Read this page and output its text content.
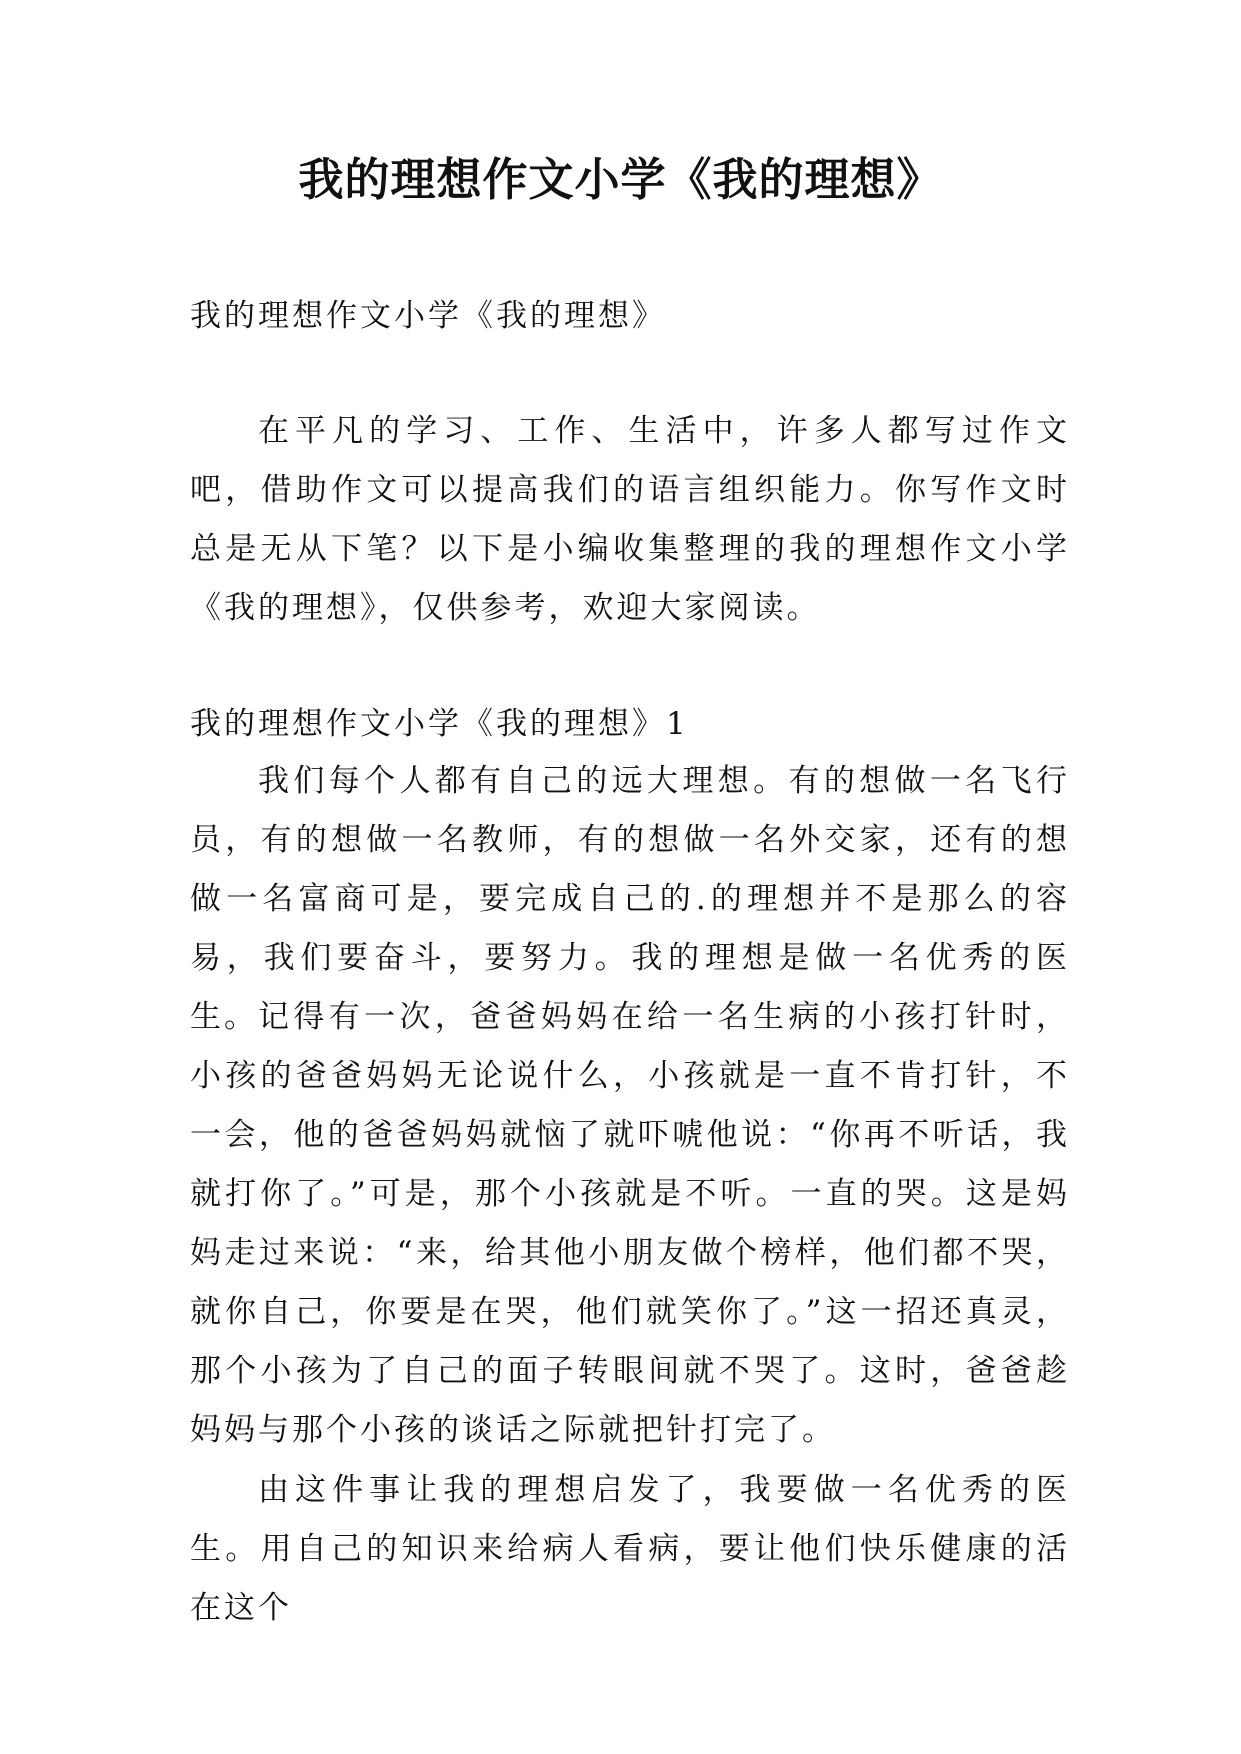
我的理想作文小学《我的理想》

我的理想作文小学《我的理想》

在平凡的学习、工作、生活中，许多人都写过作文吧，借助作文可以提高我们的语言组织能力。你写作文时总是无从下笔？以下是小编收集整理的我的理想作文小学《我的理想》，仅供参考，欢迎大家阅读。

我的理想作文小学《我的理想》1

我们每个人都有自己的远大理想。有的想做一名飞行员，有的想做一名教师，有的想做一名外交家，还有的想做一名富商可是，要完成自己的.的理想并不是那么的容易，我们要奋斗，要努力。我的理想是做一名优秀的医生。 记得有一次，爸爸妈妈在给一名生病的小孩打针时，小孩的爸爸妈妈无论说什么，小孩就是一直不肯打针，不一会，他的爸爸妈妈就恼了就吓唬他说：“你再不听话，我就打你了。”可是，那个小孩就是不听。一直的哭。这是妈妈走过来说：“来，给其他小朋友做个榜样，他们都不哭，就你自己，你要是在哭，他们就笑你了。”这一招还真灵，那个小孩为了自己的面子转眼间就不哭了。这时，爸爸趁妈妈与那个小孩的谈话之际就把针打完了。

由这件事让我的理想启发了，我要做一名优秀的医生。用自己的知识来给病人看病，要让他们快乐健康的活在这个
